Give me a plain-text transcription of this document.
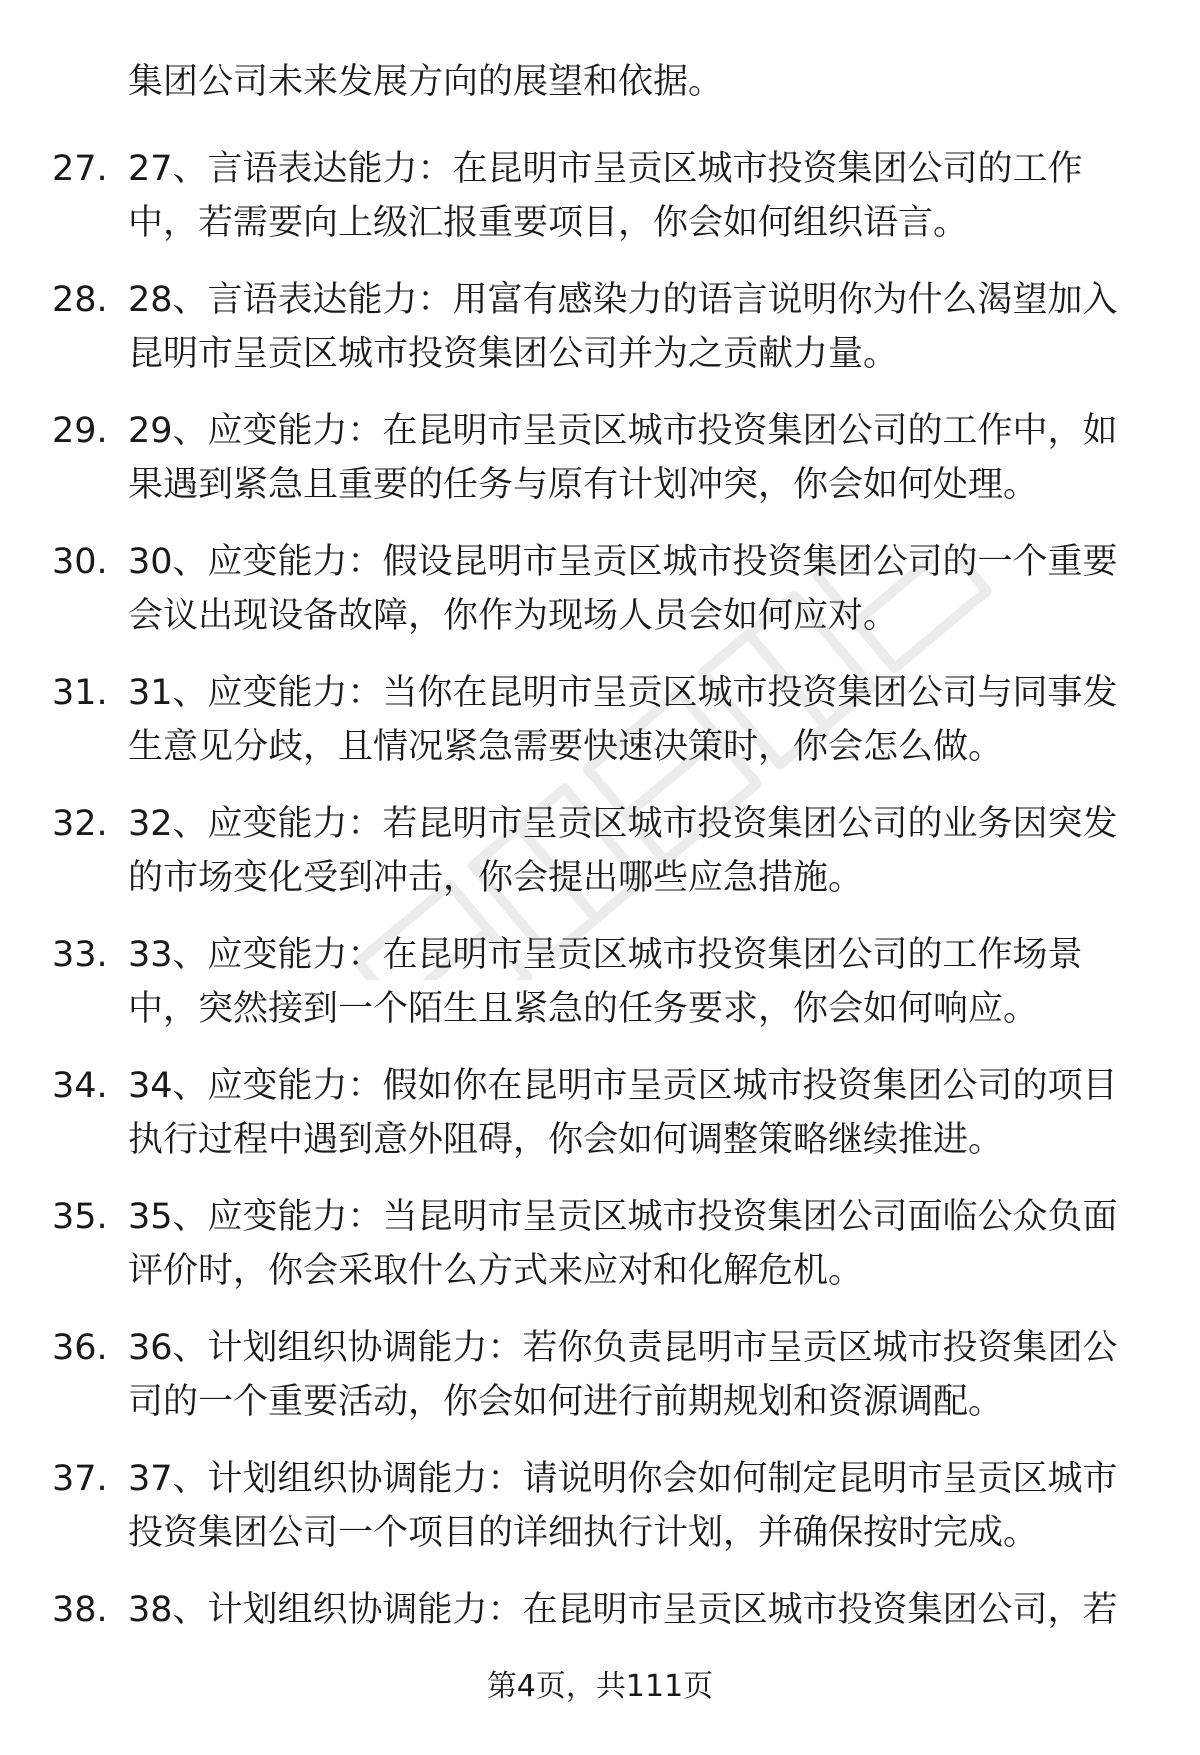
集团公司未来发展方向的展望和依据。
27. 27、言语表达能力：在昆明市呈贡区城市投资集团公司的工作
中，若需要向上级汇报重要项目，你会如何组织语言。
28. 28、言语表达能力：用富有感染力的语言说明你为什么渴望加入
昆明市呈贡区城市投资集团公司并为之贡献力量。
29. 29、应变能力：在昆明市呈贡区城市投资集团公司的工作中，如
果遇到紧急且重要的任务与原有计划冲突，你会如何处理。
30. 30、应变能力：假设昆明市呈贡区城市投资集团公司的一个重要
会议出现设备故障，你作为现场人员会如何应对。
31. 31、应变能力：当你在昆明市呈贡区城市投资集团公司与同事发
生意见分歧，且情况紧急需要快速决策时，你会怎么做。
32. 32、应变能力：若昆明市呈贡区城市投资集团公司的业务因突发
的市场变化受到冲击，你会提出哪些应急措施。
33. 33、应变能力：在昆明市呈贡区城市投资集团公司的工作场景
中，突然接到一个陌生且紧急的任务要求，你会如何响应。
34. 34、应变能力：假如你在昆明市呈贡区城市投资集团公司的项目
执行过程中遇到意外阻碍，你会如何调整策略继续推进。
35. 35、应变能力：当昆明市呈贡区城市投资集团公司面临公众负面
评价时，你会采取什么方式来应对和化解危机。
36. 36、计划组织协调能力：若你负责昆明市呈贡区城市投资集团公
司的一个重要活动，你会如何进行前期规划和资源调配。
37. 37、计划组织协调能力：请说明你会如何制定昆明市呈贡区城市
投资集团公司一个项目的详细执行计划，并确保按时完成。
38. 38、计划组织协调能力：在昆明市呈贡区城市投资集团公司，若
第4页，共111页
